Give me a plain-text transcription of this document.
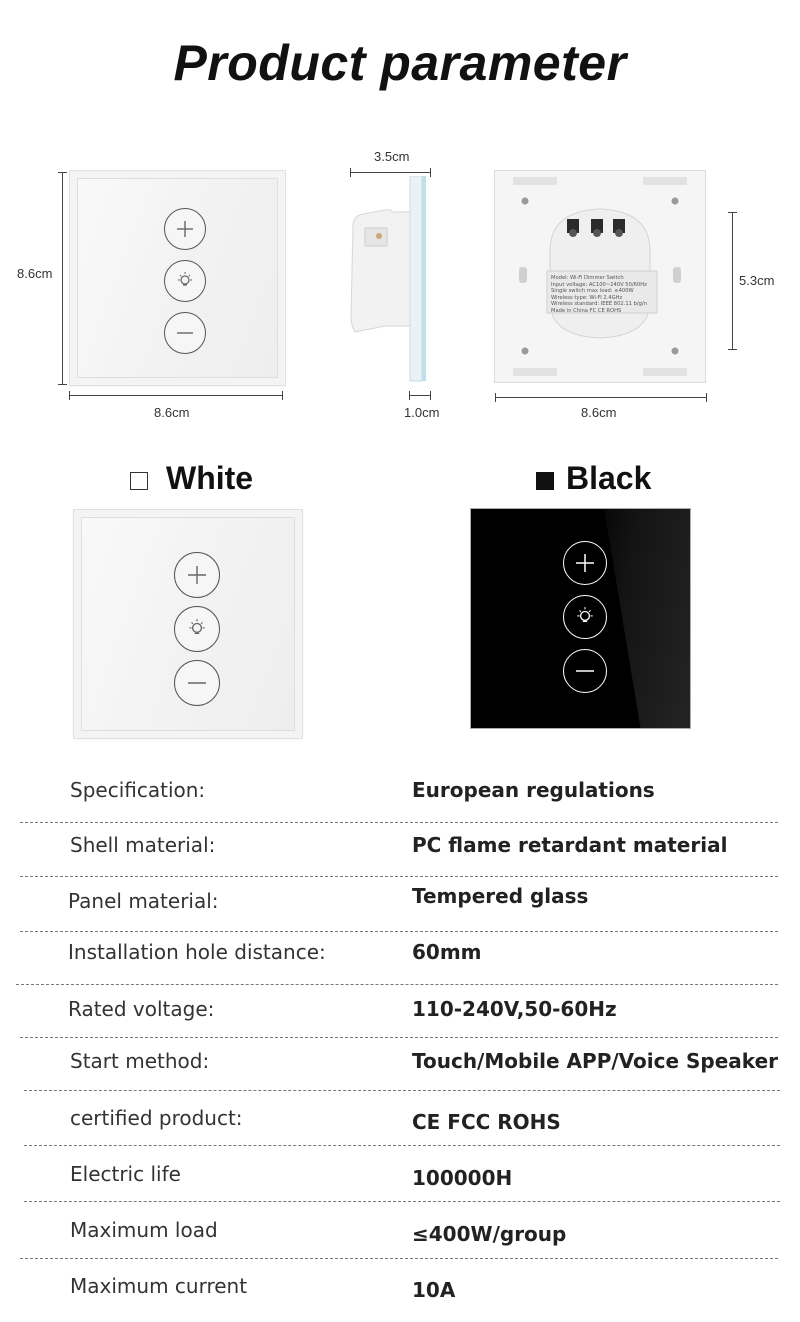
Product parameter
8.6cm
8.6cm
3.5cm
1.0cm
Model: Wi-Fi Dimmer Switch
Input voltage: AC100~240V 50/60Hz
Single switch max load: ≤400W
Wireless type: Wi-Fi 2.4GHz
Wireless standard: IEEE 802.11 b/g/n
Made in China FC CE ROHS
5.3cm
8.6cm
White	Black
Specification:	European regulations
Shell material:	PC flame retardant material
Panel material:	Tempered glass
Installation hole distance:	60mm
Rated voltage:	110-240V,50-60Hz
Start method:	Touch/Mobile APP/Voice Speaker
certified product:	CE FCC ROHS
Electric life	100000H
Maximum load	≤400W/group
Maximum current	10A
